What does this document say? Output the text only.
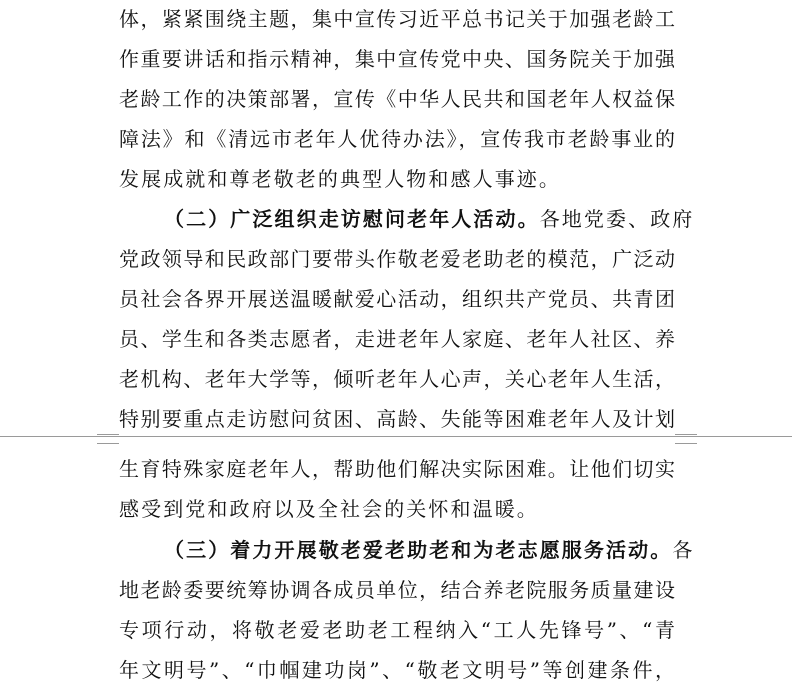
体，紧紧围绕主题，集中宣传习近平总书记关于加强老龄工
作重要讲话和指示精神，集中宣传党中央、国务院关于加强
老龄工作的决策部署，宣传《中华人民共和国老年人权益保
障法》和《清远市老年人优待办法》，宣传我市老龄事业的
发展成就和尊老敬老的典型人物和感人事迹。
（二）广泛组织走访慰问老年人活动。各地党委、政府
党政领导和民政部门要带头作敬老爱老助老的模范，广泛动
员社会各界开展送温暖献爱心活动，组织共产党员、共青团
员、学生和各类志愿者，走进老年人家庭、老年人社区、养
老机构、老年大学等，倾听老年人心声，关心老年人生活，
特别要重点走访慰问贫困、高龄、失能等困难老年人及计划
生育特殊家庭老年人，帮助他们解决实际困难。让他们切实
感受到党和政府以及全社会的关怀和温暖。
（三）着力开展敬老爱老助老和为老志愿服务活动。各
地老龄委要统筹协调各成员单位，结合养老院服务质量建设
专项行动，将敬老爱老助老工程纳入“工人先锋号”、“青
年文明号”、“巾帼建功岗”、“敬老文明号”等创建条件，
